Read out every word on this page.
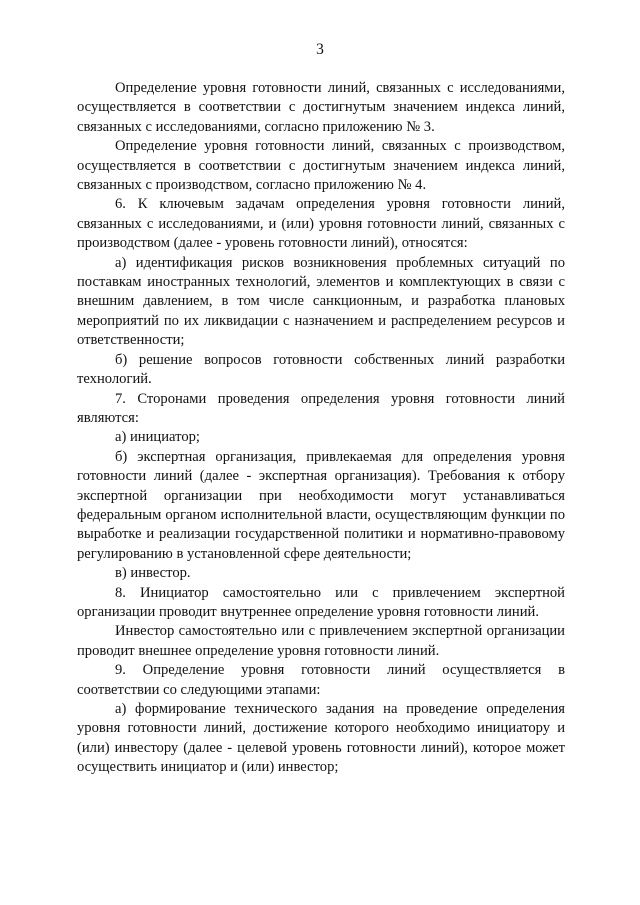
3

Определение уровня готовности линий, связанных с исследованиями, осуществляется в соответствии с достигнутым значением индекса линий, связанных с исследованиями, согласно приложению № 3.

Определение уровня готовности линий, связанных с производством, осуществляется в соответствии с достигнутым значением индекса линий, связанных с производством, согласно приложению № 4.

6. К ключевым задачам определения уровня готовности линий, связанных с исследованиями, и (или) уровня готовности линий, связанных с производством (далее - уровень готовности линий), относятся:

а) идентификация рисков возникновения проблемных ситуаций по поставкам иностранных технологий, элементов и комплектующих в связи с внешним давлением, в том числе санкционным, и разработка плановых мероприятий по их ликвидации с назначением и распределением ресурсов и ответственности;

б) решение вопросов готовности собственных линий разработки технологий.

7. Сторонами проведения определения уровня готовности линий являются:

а) инициатор;

б) экспертная организация, привлекаемая для определения уровня готовности линий (далее - экспертная организация). Требования к отбору экспертной организации при необходимости могут устанавливаться федеральным органом исполнительной власти, осуществляющим функции по выработке и реализации государственной политики и нормативно-правовому регулированию в установленной сфере деятельности;

в) инвестор.

8. Инициатор самостоятельно или с привлечением экспертной организации проводит внутреннее определение уровня готовности линий.

Инвестор самостоятельно или с привлечением экспертной организации проводит внешнее определение уровня готовности линий.

9. Определение уровня готовности линий осуществляется в соответствии со следующими этапами:

а) формирование технического задания на проведение определения уровня готовности линий, достижение которого необходимо инициатору и (или) инвестору (далее - целевой уровень готовности линий), которое может осуществить инициатор и (или) инвестор;
